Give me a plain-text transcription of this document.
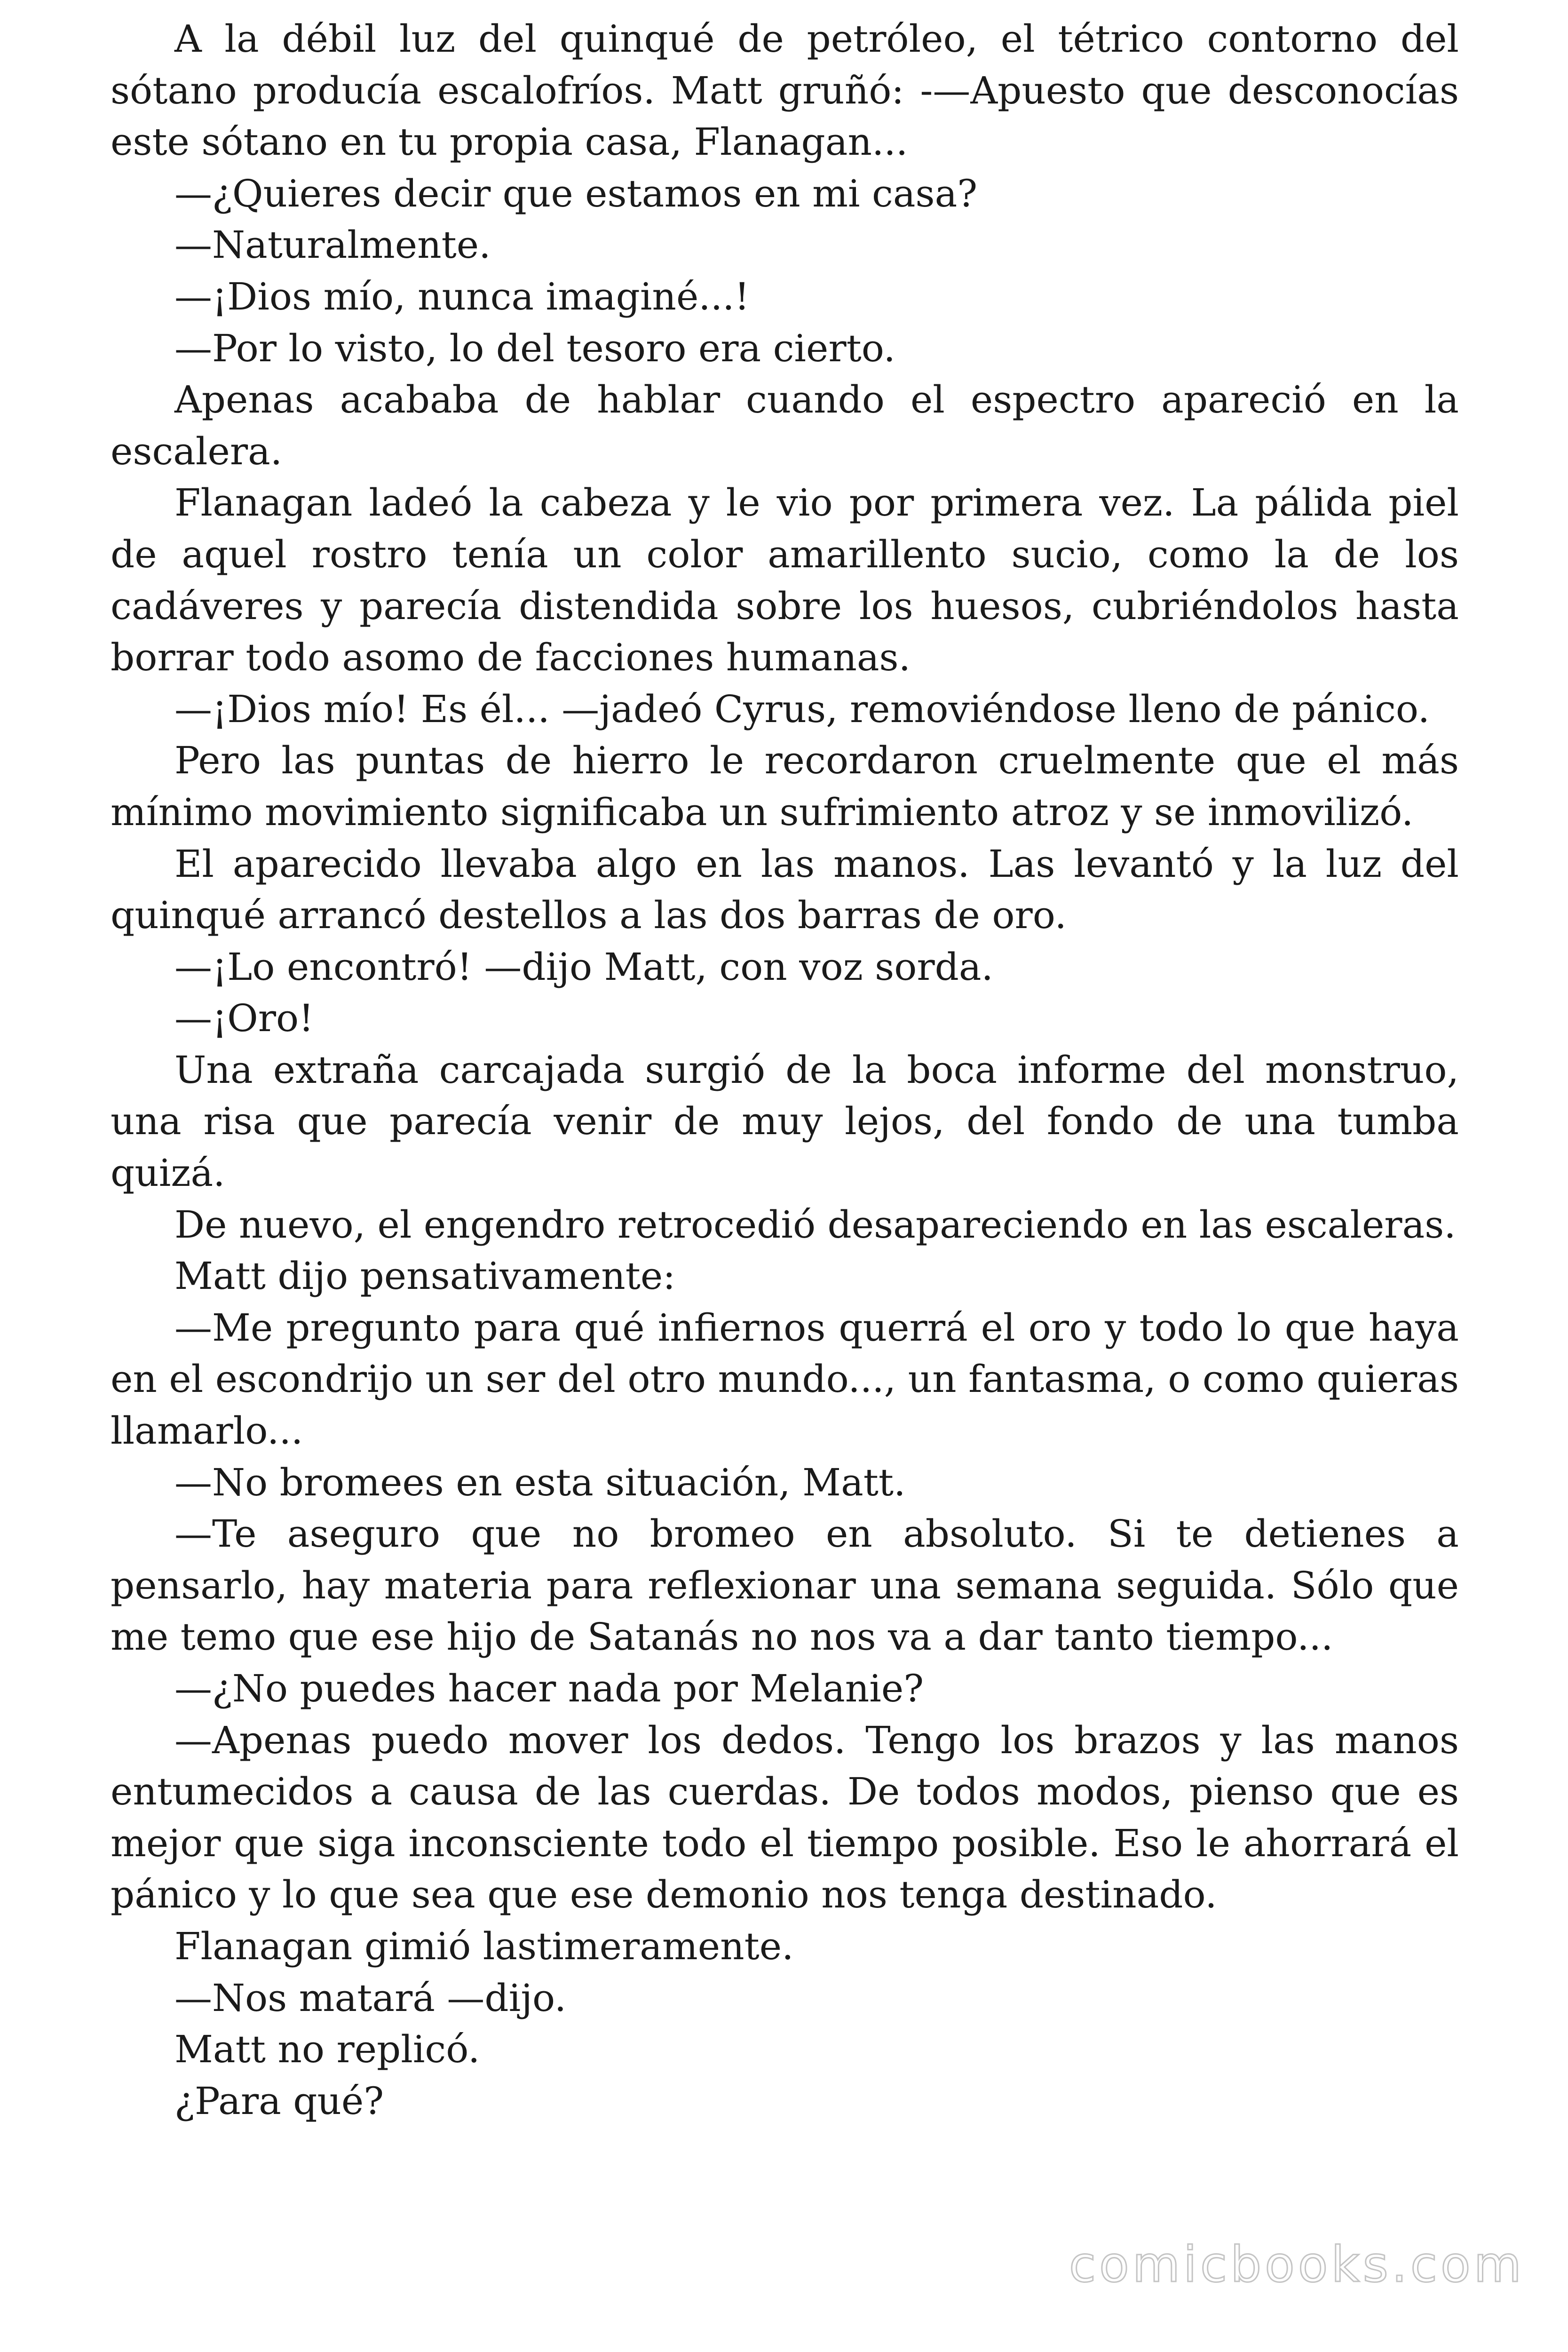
A la débil luz del quinqué de petróleo, el tétrico contorno del sótano producía escalofríos. Matt gruñó: -—Apuesto que desconocías este sótano en tu propia casa, Flanagan...

—¿Quieres decir que estamos en mi casa?

—Naturalmente.

—¡Dios mío, nunca imaginé...!

—Por lo visto, lo del tesoro era cierto.

Apenas acababa de hablar cuando el espectro apareció en la escalera.

Flanagan ladeó la cabeza y le vio por primera vez. La pálida piel de aquel rostro tenía un color amarillento sucio, como la de los cadáveres y parecía distendida sobre los huesos, cubriéndolos hasta borrar todo asomo de facciones humanas.

—¡Dios mío! Es él... —jadeó Cyrus, removiéndose lleno de pánico.

Pero las puntas de hierro le recordaron cruelmente que el más mínimo movimiento significaba un sufrimiento atroz y se inmovilizó.

El aparecido llevaba algo en las manos. Las levantó y la luz del quinqué arrancó destellos a las dos barras de oro.

—¡Lo encontró! —dijo Matt, con voz sorda.

—¡Oro!

Una extraña carcajada surgió de la boca informe del monstruo, una risa que parecía venir de muy lejos, del fondo de una tumba quizá.

De nuevo, el engendro retrocedió desapareciendo en las escaleras.

Matt dijo pensativamente:

—Me pregunto para qué infiernos querrá el oro y todo lo que haya en el escondrijo un ser del otro mundo..., un fantasma, o como quieras llamarlo...

—No bromees en esta situación, Matt.

—Te aseguro que no bromeo en absoluto. Si te detienes a pensarlo, hay materia para reflexionar una semana seguida. Sólo que me temo que ese hijo de Satanás no nos va a dar tanto tiempo...

—¿No puedes hacer nada por Melanie?

—Apenas puedo mover los dedos. Tengo los brazos y las manos entumecidos a causa de las cuerdas. De todos modos, pienso que es mejor que siga inconsciente todo el tiempo posible. Eso le ahorrará el pánico y lo que sea que ese demonio nos tenga destinado.

Flanagan gimió lastimeramente.

—Nos matará —dijo.

Matt no replicó.

¿Para qué?

comicbooks.com
